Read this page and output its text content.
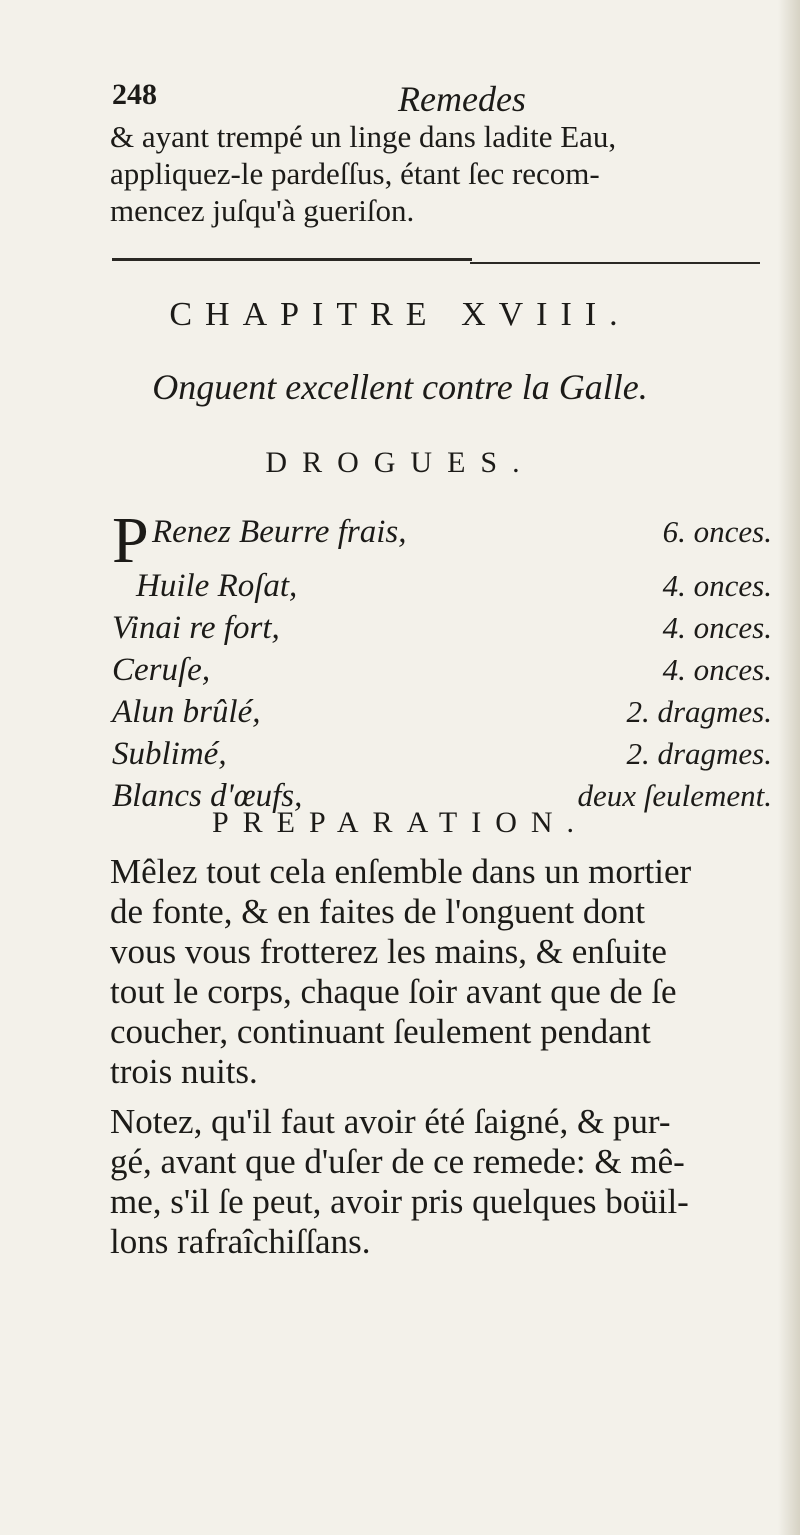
248	Remedes

& ayant trempé un linge dans ladite Eau,
appliquez-le pardeſſus, étant ſec recom-
mencez juſqu'à gueriſon.

CHAPITRE XVIII.
Onguent excellent contre la Galle.
DROGUES.
P Renez Beurre frais,	6. onces.
Huile Roſat,	4. onces.
Vinai re fort,	4. onces.
Ceruſe,	4. onces.
Alun brûlé,	2. dragmes.
Sublimé,	2. dragmes.
Blancs d'œufs,	deux ſeulement.
PREPARATION.
Mêlez tout cela enſemble dans un mortier
de fonte, & en faites de l'onguent dont
vous vous frotterez les mains, & enſuite
tout le corps, chaque ſoir avant que de ſe
coucher, continuant ſeulement pendant
trois nuits.
Notez, qu'il faut avoir été ſaigné, & pur-
gé, avant que d'uſer de ce remede: & mê-
me, s'il ſe peut, avoir pris quelques boüil-
lons rafraîchiſſans.
